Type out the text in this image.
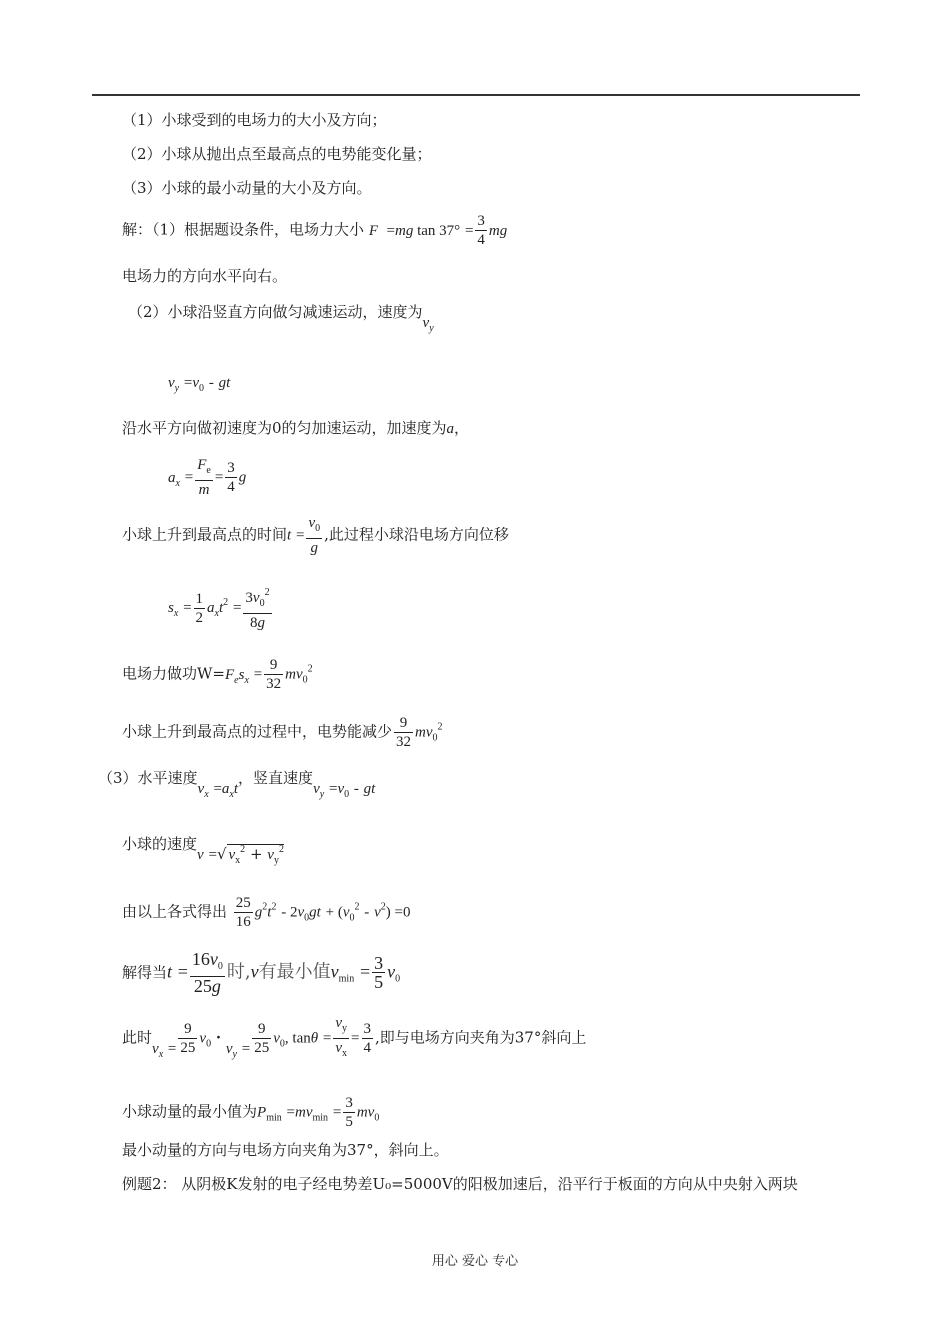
（1）小球受到的电场力的大小及方向；
（2）小球从抛出点至最高点的电势能变化量；
（3）小球的最小动量的大小及方向。
解：（1）根据题设条件，电场力大小 F  =mg $\tan 37^\circ = \frac{3}{4}$ mg
电场力的方向水平向右。
（2）小球沿竖直方向做匀减速运动，速度为$v_y$
$v_y =v_0$ - gt
沿水平方向做初速度为0的匀加速运动，加速度为a，
$a_x = \frac{F_e}{m} = \frac{3}{4}$ g
小球上升到最高点的时间$t = \frac{v_0}{g}$ ,此过程小球沿电场方向位移
$s_x = \frac{1}{2} a_xt^2 = \frac{3v_0^2}{8g}$
电场力做功$W=F_es_x = \frac{9}{32} mv_0^2$
小球上升到最高点的过程中，电势能减少 $\frac{9}{32} mv_0^2$
（3）水平速度$v_x =a_xt$，竖直速度$v_y =v_0$ - gt
小球的速度v =√ $v_x^2 + v_y^2$
由以上各式得出 $\frac{25}{16} g^2t^2 - 2v_0gt + (v_0^2 - v^2) =0$
解得当$t = \frac{16v_0}{25g}$ 时,v有最小值$v_{min} = \frac{3}{5} v_0$
此时$v_x = \frac{9}{25} v_0 \cdot v_y = \frac{9}{25} v_0$, $\tan\theta = \frac{v_y}{v_x} = \frac{3}{4}$ ,即与电场方向夹角为37°斜向上
小球动量的最小值为$P_{min} =mv_{min} = \frac{3}{5} mv_0$
最小动量的方向与电场方向夹角为37°，斜向上。
例题2： 从阴极K发射的电子经电势差U₀=5000V的阳极加速后，沿平行于板面的方向从中央射入两块
用心 爱心 专心
